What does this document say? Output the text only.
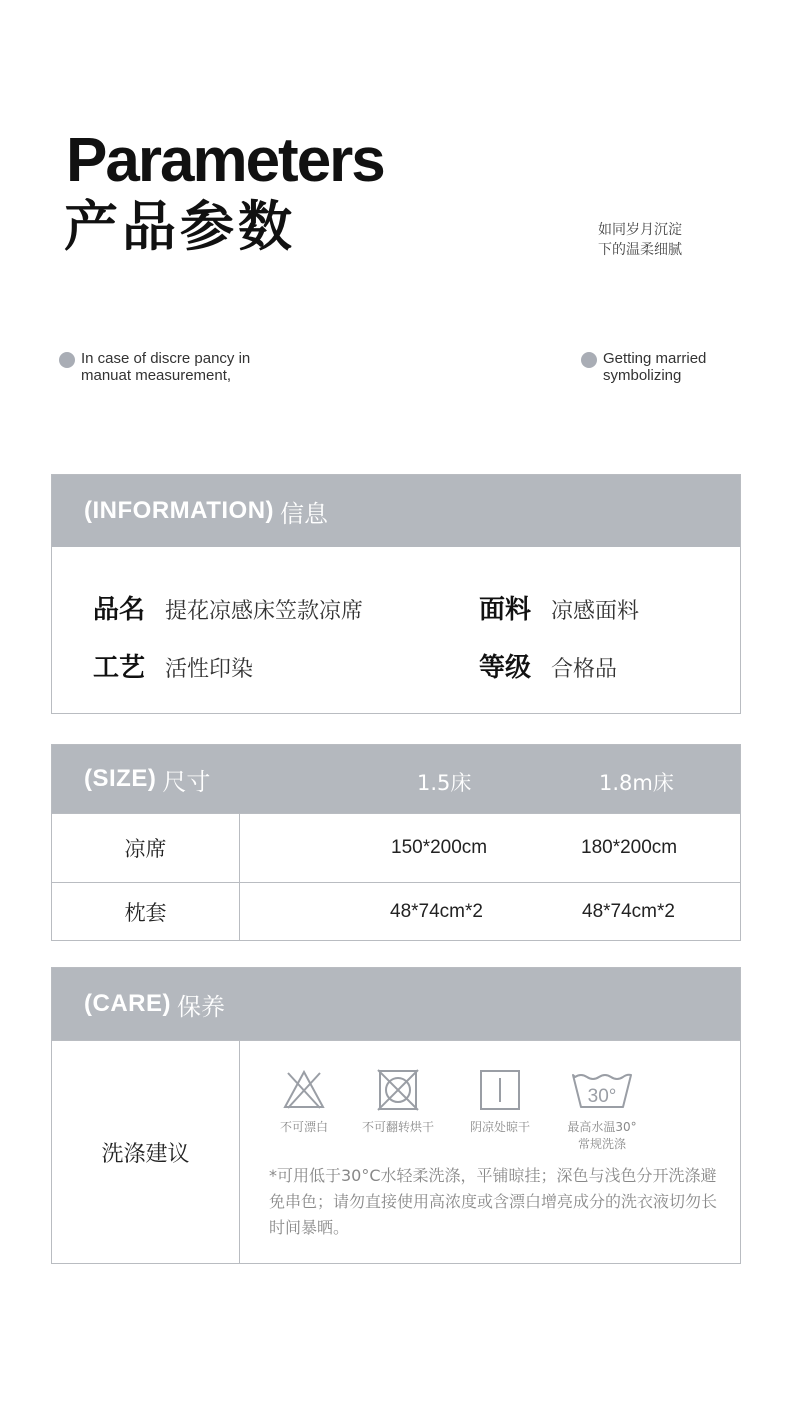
Parameters
产品参数	如同岁月沉淀
下的温柔细腻
In case of discre pancy in
manuat measurement,
Getting married
symbolizing
(INFORMATION) 信息
品名 提花凉感床笠款凉席	面料 凉感面料
工艺 活性印染	等级 合格品
(SIZE) 尺寸	1.5床	1.8m床
凉席	150*200cm	180*200cm
枕套	48*74cm*2	48*74cm*2
(CARE) 保养
洗涤建议
不可漂白	不可翻转烘干	阴凉处晾干
30°
最高水温30°
常规洗涤
*可用低于30°C水轻柔洗涤，平铺晾挂；深色与浅色分开洗涤避免串色；请勿直接使用高浓度或含漂白增亮成分的洗衣液切勿长时间暴晒。
